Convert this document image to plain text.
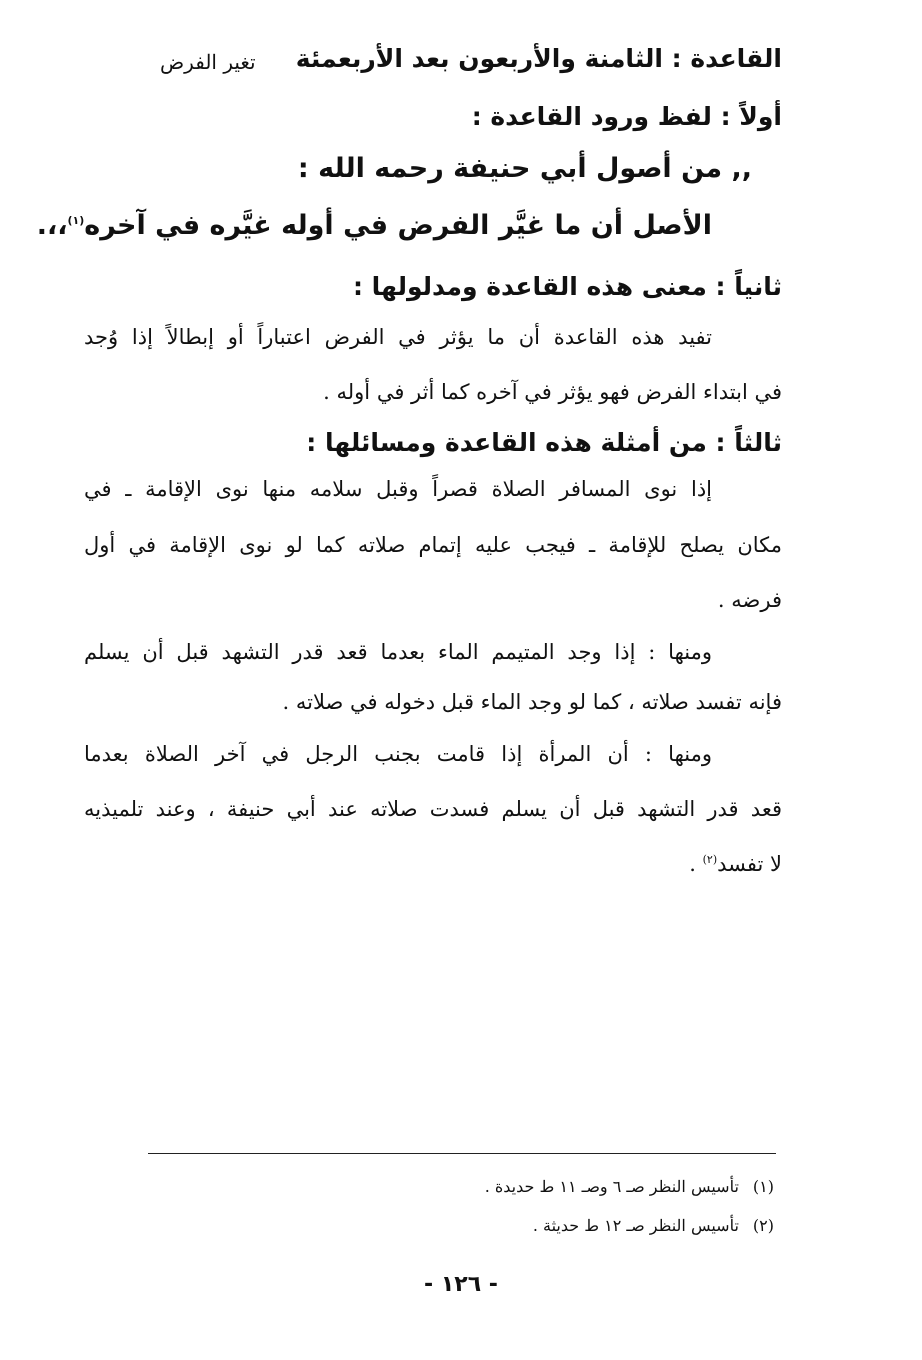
القاعدة : الثامنة والأربعون بعد الأربعمئة
تغير الفرض
أولاً : لفظ ورود القاعدة :
,, من أصول أبي حنيفة رحمه الله :
الأصل أن ما غيَّر الفرض في أوله غيَّره في آخره$^{(١)}$،،.
ثانياً : معنى هذه القاعدة ومدلولها :
تفيد هذه القاعدة أن ما يؤثر في الفرض اعتباراً أو إبطالاً إذا وُجد
في ابتداء الفرض فهو يؤثر في آخره كما أثر في أوله .
ثالثاً : من أمثلة هذه القاعدة ومسائلها :
إذا نوى المسافر الصلاة قصراً وقبل سلامه منها نوى الإقامة ـ في
مكان يصلح للإقامة ـ فيجب عليه إتمام صلاته كما لو نوى الإقامة في أول
فرضه .
ومنها : إذا وجد المتيمم الماء بعدما قعد قدر التشهد قبل أن يسلم
فإنه تفسد صلاته ، كما لو وجد الماء قبل دخوله في صلاته .
ومنها : أن المرأة إذا قامت بجنب الرجل في آخر الصلاة بعدما
قعد قدر التشهد قبل أن يسلم فسدت صلاته عند أبي حنيفة ، وعند تلميذيه
لا تفسد$^{(٢)}$ .
(١)تأسيس النظر صـ ٦ وصـ ١١ ط حديدة .
(٢)تأسيس النظر صـ ١٢ ط حديثة .
- ١٢٦ -
